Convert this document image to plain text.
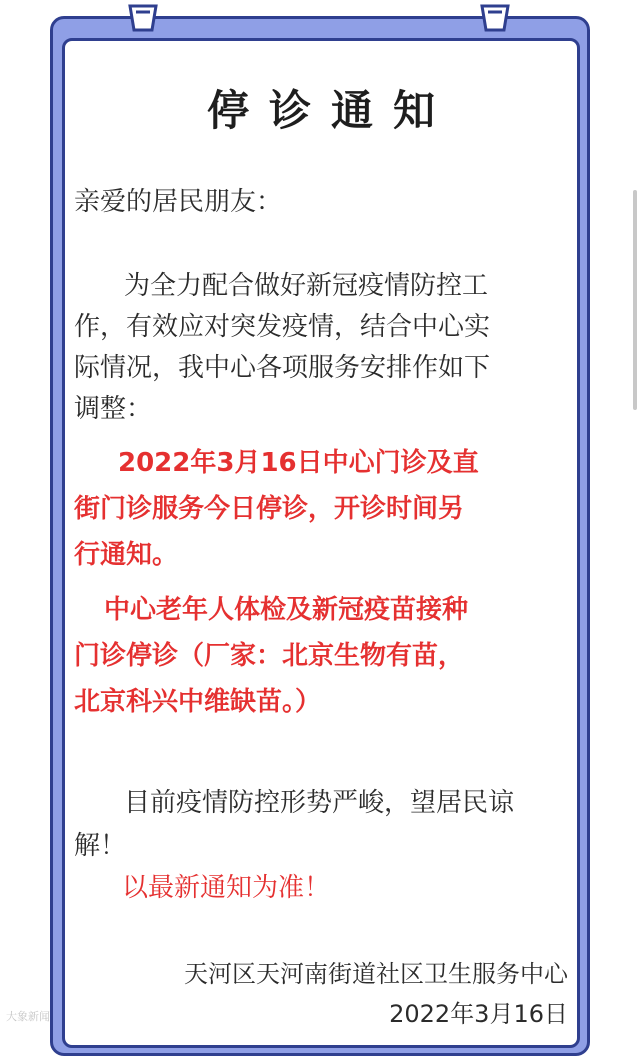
停诊通知
亲爱的居民朋友：
为全力配合做好新冠疫情防控工
作，有效应对突发疫情，结合中心实
际情况，我中心各项服务安排作如下
调整：
2022年3月16日中心门诊及直
街门诊服务今日停诊，开诊时间另
行通知。
中心老年人体检及新冠疫苗接种
门诊停诊（厂家：北京生物有苗，
北京科兴中维缺苗。）
目前疫情防控形势严峻，望居民谅
解！
以最新通知为准！
天河区天河南街道社区卫生服务中心
2022年3月16日
大象新闻
